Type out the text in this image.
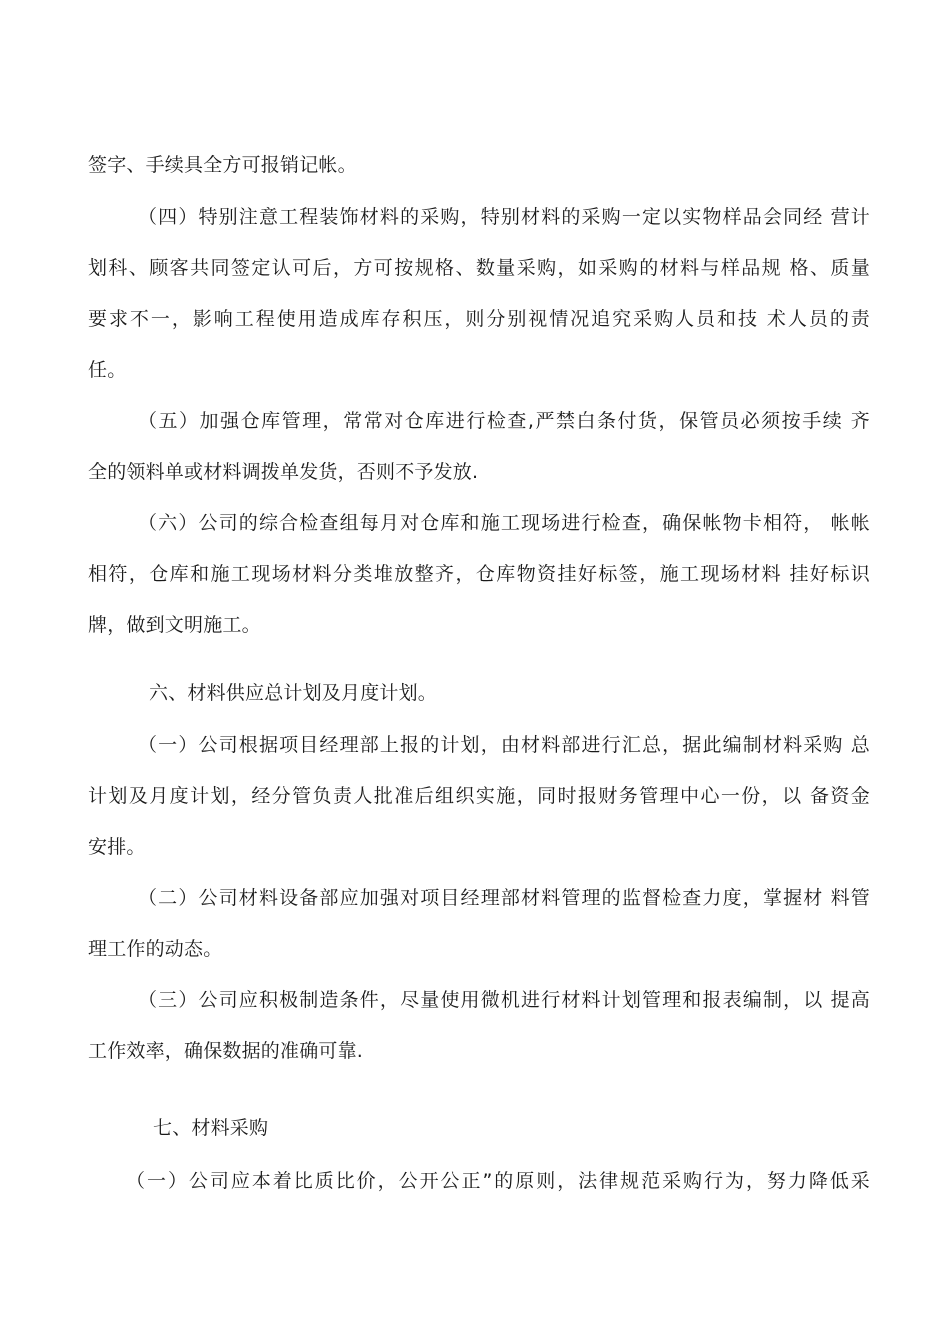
签字、手续具全方可报销记帐。
（四）特别注意工程装饰材料的采购，特别材料的采购一定以实物样品会同经 营计
划科、顾客共同签定认可后，方可按规格、数量采购，如采购的材料与样品规 格、质量
要求不一，影响工程使用造成库存积压，则分别视情况追究采购人员和技 术人员的责
任。
（五）加强仓库管理，常常对仓库进行检查,严禁白条付货，保管员必须按手续 齐
全的领料单或材料调拨单发货，否则不予发放.
（六）公司的综合检查组每月对仓库和施工现场进行检查，确保帐物卡相符， 帐帐
相符，仓库和施工现场材料分类堆放整齐，仓库物资挂好标签，施工现场材料 挂好标识
牌，做到文明施工。
六、材料供应总计划及月度计划。
（一）公司根据项目经理部上报的计划，由材料部进行汇总，据此编制材料采购 总
计划及月度计划，经分管负责人批准后组织实施，同时报财务管理中心一份，以 备资金
安排。
（二）公司材料设备部应加强对项目经理部材料管理的监督检查力度，掌握材 料管
理工作的动态。
（三）公司应积极制造条件，尽量使用微机进行材料计划管理和报表编制，以 提高
工作效率，确保数据的准确可靠.
七、材料采购
（一）公司应本着比质比价，公开公正”的原则，法律规范采购行为，努力降低采
